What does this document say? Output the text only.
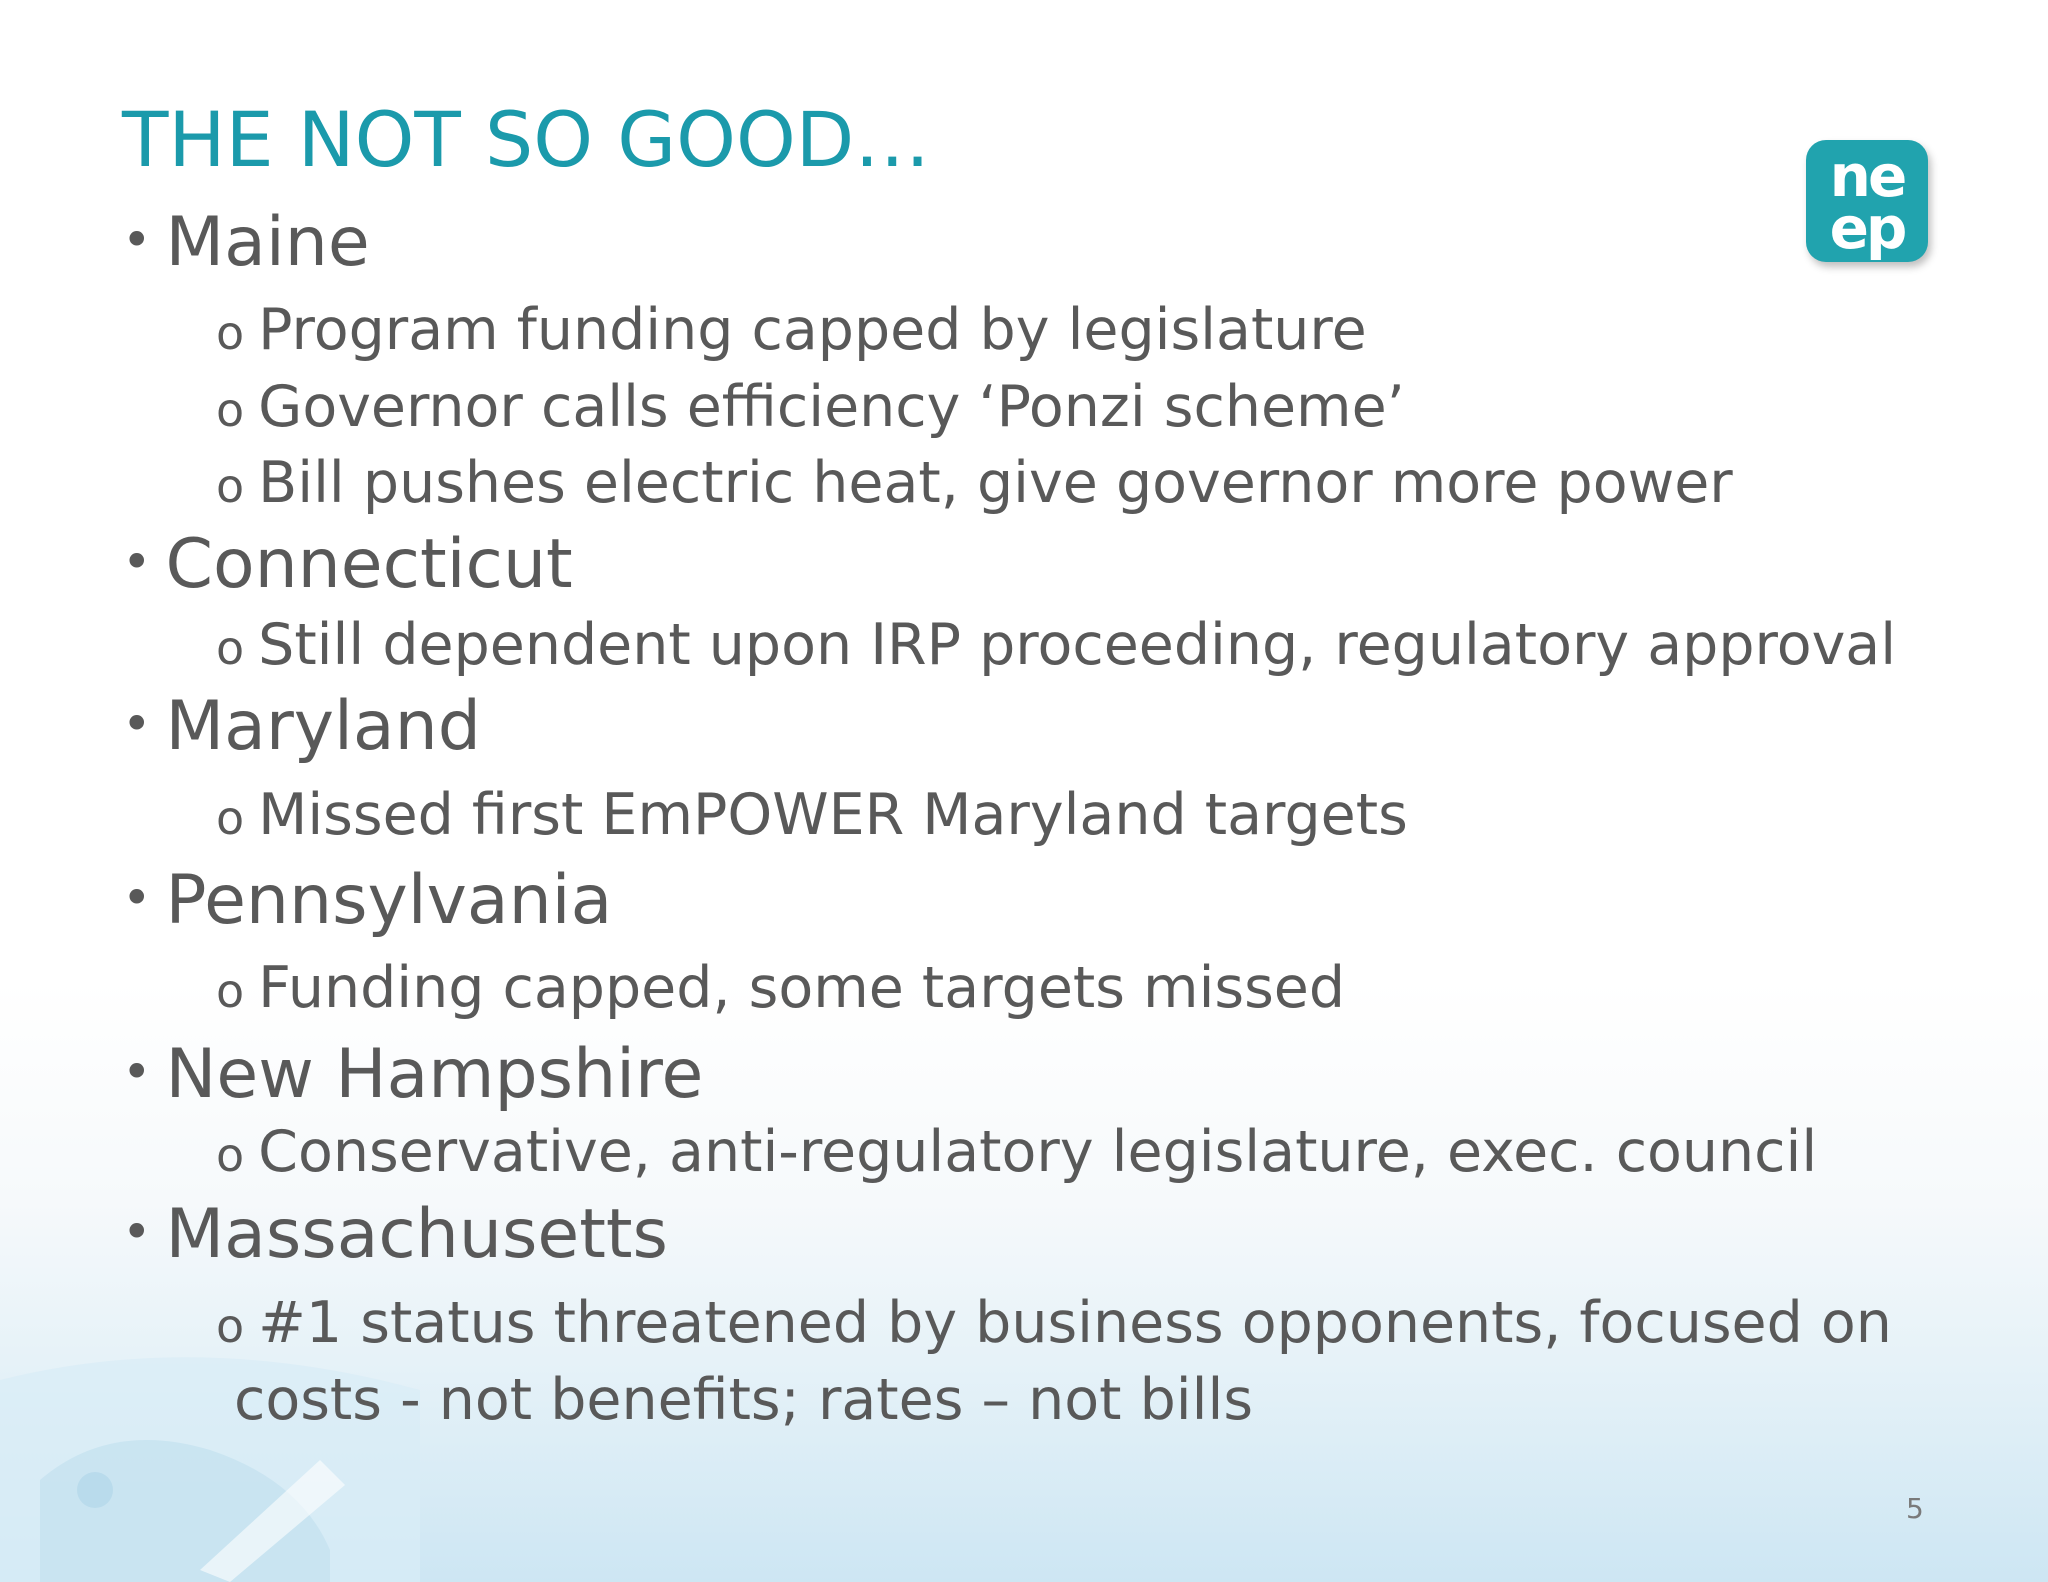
THE NOT SO GOOD…	ne
ep

• Maine

o Program funding capped by legislature

o Governor calls efficiency ‘Ponzi scheme’

o Bill pushes electric heat, give governor more power

• Connecticut

o Still dependent upon IRP proceeding, regulatory approval

• Maryland

o Missed first EmPOWER Maryland targets

• Pennsylvania

o Funding capped, some targets missed

• New Hampshire

o Conservative, anti-regulatory legislature, exec. council

• Massachusetts

o #1 status threatened by business opponents, focused on

costs - not benefits; rates – not bills

5
